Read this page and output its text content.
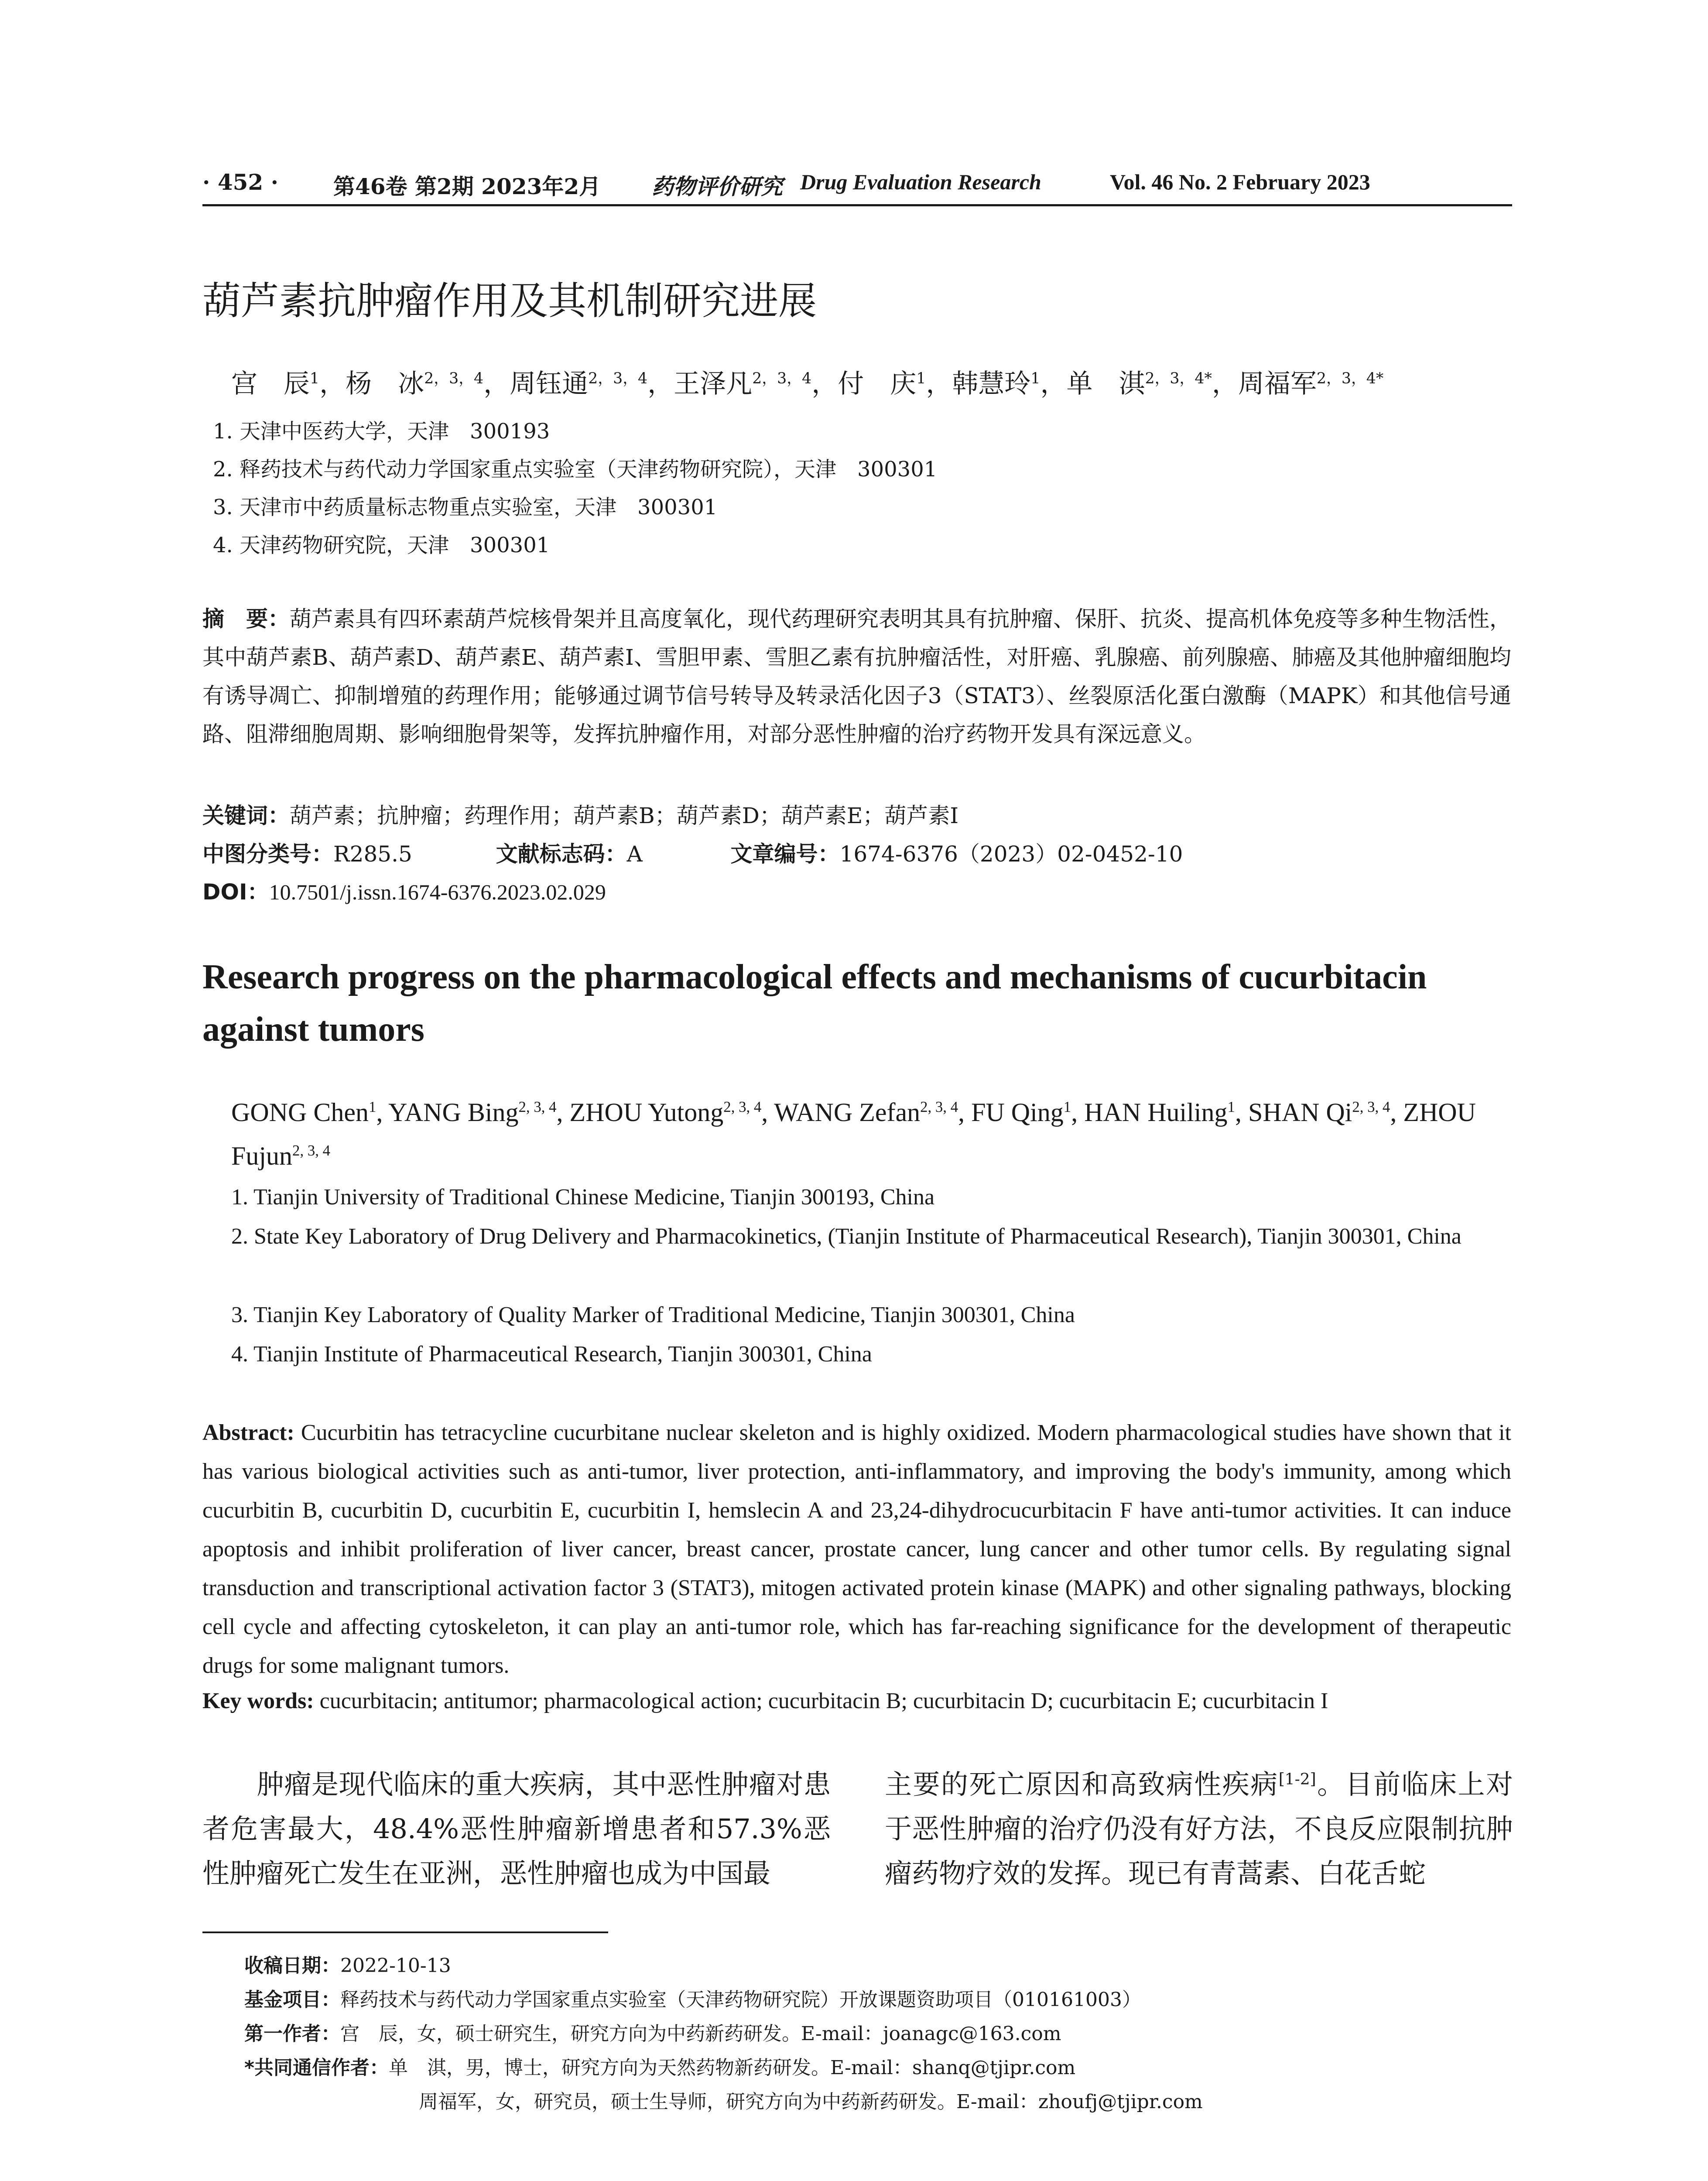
· 452 ·	第46卷 第2期 2023年2月 药物评价研究 Drug Evaluation Research	Vol. 46 No. 2 February 2023
葫芦素抗肿瘤作用及其机制研究进展
宫　辰$^1$，杨　冰$^{2,3,4}$，周钰通$^{2,3,4}$，王泽凡$^{2,3,4}$，付　庆$^1$，韩慧玲$^1$，单　淇$^{2,3,4*}$，周福军$^{2,3,4*}$
1. 天津中医药大学，天津　300193
2. 释药技术与药代动力学国家重点实验室（天津药物研究院），天津　300301
3. 天津市中药质量标志物重点实验室，天津　300301
4. 天津药物研究院，天津　300301
摘　要：葫芦素具有四环素葫芦烷核骨架并且高度氧化，现代药理研究表明其具有抗肿瘤、保肝、抗炎、提高机体免疫等多种生物活性，其中葫芦素B、葫芦素D、葫芦素E、葫芦素I、雪胆甲素、雪胆乙素有抗肿瘤活性，对肝癌、乳腺癌、前列腺癌、肺癌及其他肿瘤细胞均有诱导凋亡、抑制增殖的药理作用；能够通过调节信号转导及转录活化因子3（STAT3）、丝裂原活化蛋白激酶（MAPK）和其他信号通路、阻滞细胞周期、影响细胞骨架等，发挥抗肿瘤作用，对部分恶性肿瘤的治疗药物开发具有深远意义。
关键词：葫芦素；抗肿瘤；药理作用；葫芦素B；葫芦素D；葫芦素E；葫芦素I
中图分类号：R285.5	文献标志码：A	文章编号：1674-6376（2023）02-0452-10
DOI：10.7501/j.issn.1674-6376.2023.02.029
Research progress on the pharmacological effects and mechanisms of cucurbitacin against tumors
GONG Chen$^1$, YANG Bing$^{2, 3, 4}$, ZHOU Yutong$^{2, 3, 4}$, WANG Zefan$^{2, 3, 4}$, FU Qing$^1$, HAN Huiling$^1$, SHAN Qi$^{2, 3, 4}$, ZHOU Fujun$^{2, 3, 4}$
1. Tianjin University of Traditional Chinese Medicine, Tianjin 300193, China
2. State Key Laboratory of Drug Delivery and Pharmacokinetics, (Tianjin Institute of Pharmaceutical Research), Tianjin 300301, China
3. Tianjin Key Laboratory of Quality Marker of Traditional Medicine, Tianjin 300301, China
4. Tianjin Institute of Pharmaceutical Research, Tianjin 300301, China
Abstract: Cucurbitin has tetracycline cucurbitane nuclear skeleton and is highly oxidized. Modern pharmacological studies have shown that it has various biological activities such as anti-tumor, liver protection, anti-inflammatory, and improving the body's immunity, among which cucurbitin B, cucurbitin D, cucurbitin E, cucurbitin I, hemslecin A and 23,24-dihydrocucurbitacin F have anti-tumor activities. It can induce apoptosis and inhibit proliferation of liver cancer, breast cancer, prostate cancer, lung cancer and other tumor cells. By regulating signal transduction and transcriptional activation factor 3 (STAT3), mitogen activated protein kinase (MAPK) and other signaling pathways, blocking cell cycle and affecting cytoskeleton, it can play an anti-tumor role, which has far-reaching significance for the development of therapeutic drugs for some malignant tumors.
Key words: cucurbitacin; antitumor; pharmacological action; cucurbitacin B; cucurbitacin D; cucurbitacin E; cucurbitacin I
肿瘤是现代临床的重大疾病，其中恶性肿瘤对患者危害最大，48.4%恶性肿瘤新增患者和57.3%恶性肿瘤死亡发生在亚洲，恶性肿瘤也成为中国最
主要的死亡原因和高致病性疾病[1-2]。目前临床上对于恶性肿瘤的治疗仍没有好方法，不良反应限制抗肿瘤药物疗效的发挥。现已有青蒿素、白花舌蛇
收稿日期：2022-10-13
基金项目：释药技术与药代动力学国家重点实验室（天津药物研究院）开放课题资助项目（010161003）
第一作者：宫　辰，女，硕士研究生，研究方向为中药新药研发。E-mail：joanagc@163.com
*共同通信作者：单　淇，男，博士，研究方向为天然药物新药研发。E-mail：shanq@tjipr.com
周福军，女，研究员，硕士生导师，研究方向为中药新药研发。E-mail：zhoufj@tjipr.com
